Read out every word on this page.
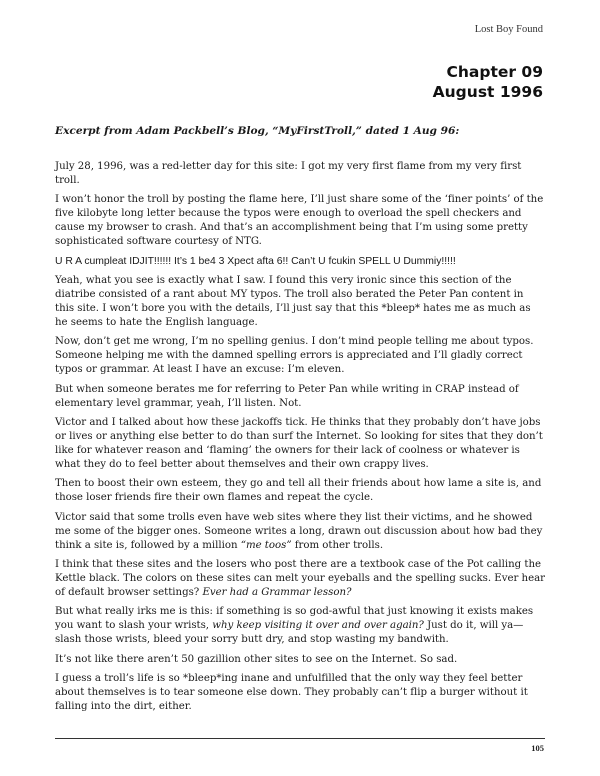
Lost Boy Found
Chapter 09
August 1996
Excerpt from Adam Packbell’s Blog, “MyFirstTroll,” dated 1 Aug 96:

July 28, 1996, was a red-letter day for this site: I got my very first flame from my very first troll.

I won’t honor the troll by posting the flame here, I’ll just share some of the ‘finer points’ of the five kilobyte long letter because the typos were enough to overload the spell checkers and cause my browser to crash. And that’s an accomplishment being that I’m using some pretty sophisticated software courtesy of NTG.

U R A cumpleat IDJIT!!!!!! It’s 1 be4 3 Xpect afta 6!! Can’t U fcukin SPELL U Dummiy!!!!!

Yeah, what you see is exactly what I saw. I found this very ironic since this section of the diatribe consisted of a rant about MY typos. The troll also berated the Peter Pan content in this site. I won’t bore you with the details, I’ll just say that this *bleep* hates me as much as he seems to hate the English language.

Now, don’t get me wrong, I’m no spelling genius. I don’t mind people telling me about typos. Someone helping me with the damned spelling errors is appreciated and I’ll gladly correct typos or grammar. At least I have an excuse: I’m eleven.

But when someone berates me for referring to Peter Pan while writing in CRAP instead of elementary level grammar, yeah, I’ll listen. Not.

Victor and I talked about how these jackoffs tick. He thinks that they probably don’t have jobs or lives or anything else better to do than surf the Internet. So looking for sites that they don’t like for whatever reason and ‘flaming’ the owners for their lack of coolness or whatever is what they do to feel better about themselves and their own crappy lives.

Then to boost their own esteem, they go and tell all their friends about how lame a site is, and those loser friends fire their own flames and repeat the cycle.

Victor said that some trolls even have web sites where they list their victims, and he showed me some of the bigger ones. Someone writes a long, drawn out discussion about how bad they think a site is, followed by a million “me toos” from other trolls.

I think that these sites and the losers who post there are a textbook case of the Pot calling the Kettle black. The colors on these sites can melt your eyeballs and the spelling sucks. Ever hear of default browser settings? Ever had a Grammar lesson?

But what really irks me is this: if something is so god-awful that just knowing it exists makes you want to slash your wrists, why keep visiting it over and over again? Just do it, will ya—slash those wrists, bleed your sorry butt dry, and stop wasting my bandwith.

It’s not like there aren’t 50 gazillion other sites to see on the Internet. So sad.

I guess a troll’s life is so *bleep*ing inane and unfulfilled that the only way they feel better about themselves is to tear someone else down. They probably can’t flip a burger without it falling into the dirt, either.

105
